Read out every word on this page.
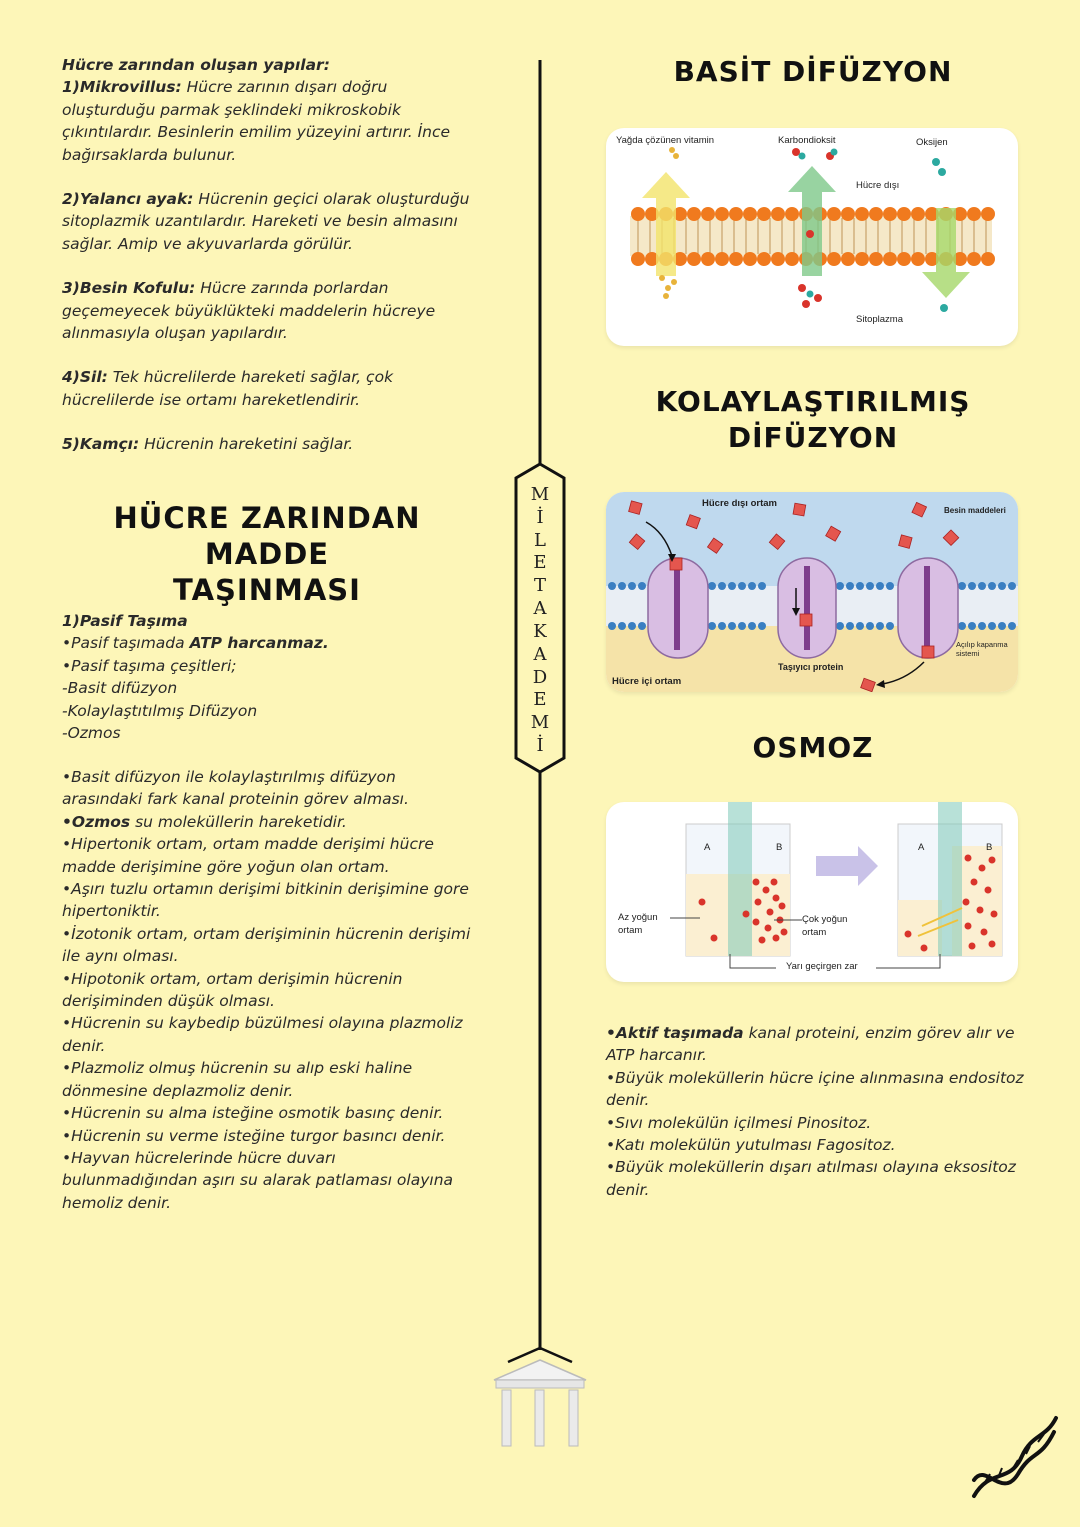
Hücre zarından oluşan yapılar:
1)Mikrovillus: Hücre zarının dışarı doğru
oluşturduğu parmak şeklindeki mikroskobik
çıkıntılardır. Besinlerin emilim yüzeyini artırır. İnce
bağırsaklarda bulunur.

2)Yalancı ayak: Hücrenin geçici olarak oluşturduğu
sitoplazmik uzantılardır. Hareketi ve besin almasını
sağlar. Amip ve akyuvarlarda görülür.

3)Besin Kofulu: Hücre zarında porlardan
geçemeyecek büyüklükteki maddelerin hücreye
alınmasıyla oluşan yapılardır.

4)Sil: Tek hücrelilerde hareketi sağlar, çok
hücrelilerde ise ortamı hareketlendirir.

5)Kamçı: Hücrenin hareketini sağlar.

HÜCRE ZARINDAN MADDE
TAŞINMASI

1)Pasif Taşıma
•Pasif taşımada ATP harcanmaz.
•Pasif taşıma çeşitleri;
-Basit difüzyon
-Kolaylaştıtılmış Difüzyon
-Ozmos
•Basit difüzyon ile kolaylaştırılmış difüzyon
arasındaki fark kanal proteinin görev alması.
•Ozmos su moleküllerin hareketidir.
•Hipertonik ortam, ortam madde derişimi hücre
madde derişimine göre yoğun olan ortam.
•Aşırı tuzlu ortamın derişimi bitkinin derişimine gore
hipertoniktir.
•İzotonik ortam, ortam derişiminin hücrenin derişimi
ile aynı olması.
•Hipotonik ortam, ortam derişimin hücrenin
derişiminden düşük olması.
•Hücrenin su kaybedip büzülmesi olayına plazmoliz
denir.
•Plazmoliz olmuş hücrenin su alıp eski haline
dönmesine deplazmoliz denir.
•Hücrenin su alma isteğine osmotik basınç denir.
•Hücrenin su verme isteğine turgor basıncı denir.
•Hayvan hücrelerinde hücre duvarı
bulunmadığından aşırı su alarak patlaması olayına
hemoliz denir.
M
İ
L
E
T
A
K
A
D
E
M
İ

BASİT DİFÜZYON

Yağda çözünen vitamin	Karbondioksit	Oksijen
Hücre dışı
Sitoplazma

KOLAYLAŞTIRILMIŞ
DİFÜZYON

Hücre dışı ortam
Besin maddeleri
Açılıp kapanma
sistemi
Taşıyıcı protein
Hücre içi ortam

OSMOZ

A	B	A	B
Az yoğun
ortam
Çok yoğun
ortam
Yarı geçirgen zar
•Aktif taşımada kanal proteini, enzim görev alır ve
ATP harcanır.
•Büyük moleküllerin hücre içine alınmasına endositoz
denir.
•Sıvı molekülün içilmesi Pinositoz.
•Katı molekülün yutulması Fagositoz.
•Büyük moleküllerin dışarı atılması olayına eksositoz
denir.
